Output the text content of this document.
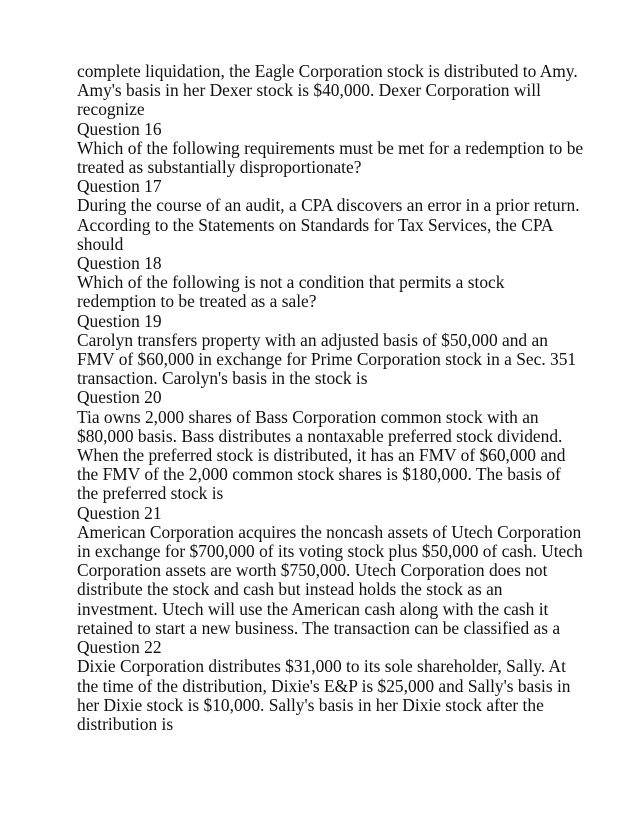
complete liquidation, the Eagle Corporation stock is distributed to Amy.
Amy's basis in her Dexer stock is $40,000. Dexer Corporation will
recognize
Question 16
Which of the following requirements must be met for a redemption to be
treated as substantially disproportionate?
Question 17
During the course of an audit, a CPA discovers an error in a prior return.
According to the Statements on Standards for Tax Services, the CPA
should
Question 18
Which of the following is not a condition that permits a stock
redemption to be treated as a sale?
Question 19
Carolyn transfers property with an adjusted basis of $50,000 and an
FMV of $60,000 in exchange for Prime Corporation stock in a Sec. 351
transaction. Carolyn's basis in the stock is
Question 20
Tia owns 2,000 shares of Bass Corporation common stock with an
$80,000 basis. Bass distributes a nontaxable preferred stock dividend.
When the preferred stock is distributed, it has an FMV of $60,000 and
the FMV of the 2,000 common stock shares is $180,000. The basis of
the preferred stock is
Question 21
American Corporation acquires the noncash assets of Utech Corporation
in exchange for $700,000 of its voting stock plus $50,000 of cash. Utech
Corporation assets are worth $750,000. Utech Corporation does not
distribute the stock and cash but instead holds the stock as an
investment. Utech will use the American cash along with the cash it
retained to start a new business. The transaction can be classified as a
Question 22
Dixie Corporation distributes $31,000 to its sole shareholder, Sally. At
the time of the distribution, Dixie's E&P is $25,000 and Sally's basis in
her Dixie stock is $10,000. Sally's basis in her Dixie stock after the
distribution is
